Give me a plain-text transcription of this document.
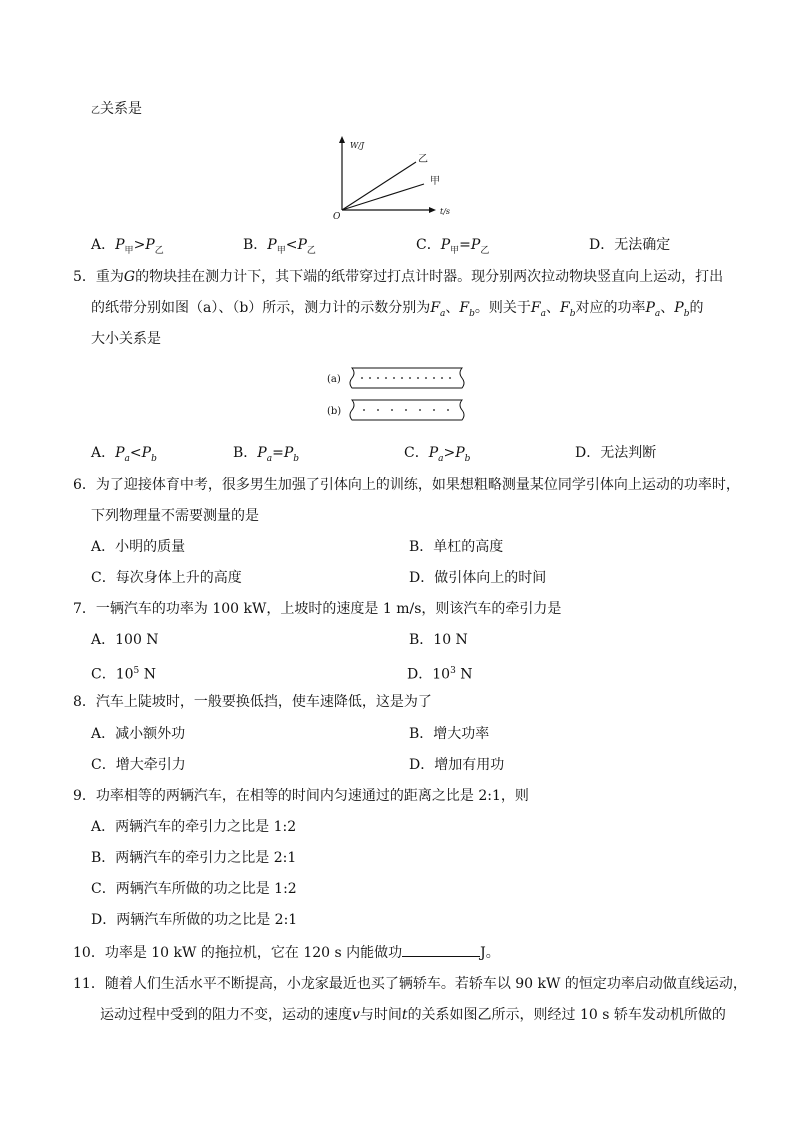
乙关系是
W/J
t/s
O
乙
甲
A．$P_甲>P_乙$	B．$P_甲<P_乙$	C．$P_甲=P_乙$	D．无法确定
5．重为G的物块挂在测力计下，其下端的纸带穿过打点计时器。现分别两次拉动物块竖直向上运动，打出
的纸带分别如图（a）、（b）所示，测力计的示数分别为$F_a$、$F_b$。则关于$F_a$、$F_b$对应的功率$P_a$、$P_b$的
大小关系是
(a)
(b)
A．$P_a<P_b$	B．$P_a=P_b$	C．$P_a>P_b$	D．无法判断
6．为了迎接体育中考，很多男生加强了引体向上的训练，如果想粗略测量某位同学引体向上运动的功率时，
下列物理量不需要测量的是
A．小明的质量	B．单杠的高度
C．每次身体上升的高度	D．做引体向上的时间
7．一辆汽车的功率为 100 kW，上坡时的速度是 1 m/s，则该汽车的牵引力是
A．100 N	B．10 N
C．$10^5$ N	D．$10^3$ N
8．汽车上陡坡时，一般要换低挡，使车速降低，这是为了
A．减小额外功	B．增大功率
C．增大牵引力	D．增加有用功
9．功率相等的两辆汽车，在相等的时间内匀速通过的距离之比是 2:1，则
A．两辆汽车的牵引力之比是 1:2
B．两辆汽车的牵引力之比是 2:1
C．两辆汽车所做的功之比是 1:2
D．两辆汽车所做的功之比是 2:1
10．功率是 10 kW 的拖拉机，它在 120 s 内能做功	J。
11．随着人们生活水平不断提高，小龙家最近也买了辆轿车。若轿车以 90 kW 的恒定功率启动做直线运动，
运动过程中受到的阻力不变，运动的速度v与时间t的关系如图乙所示，则经过 10 s 轿车发动机所做的
